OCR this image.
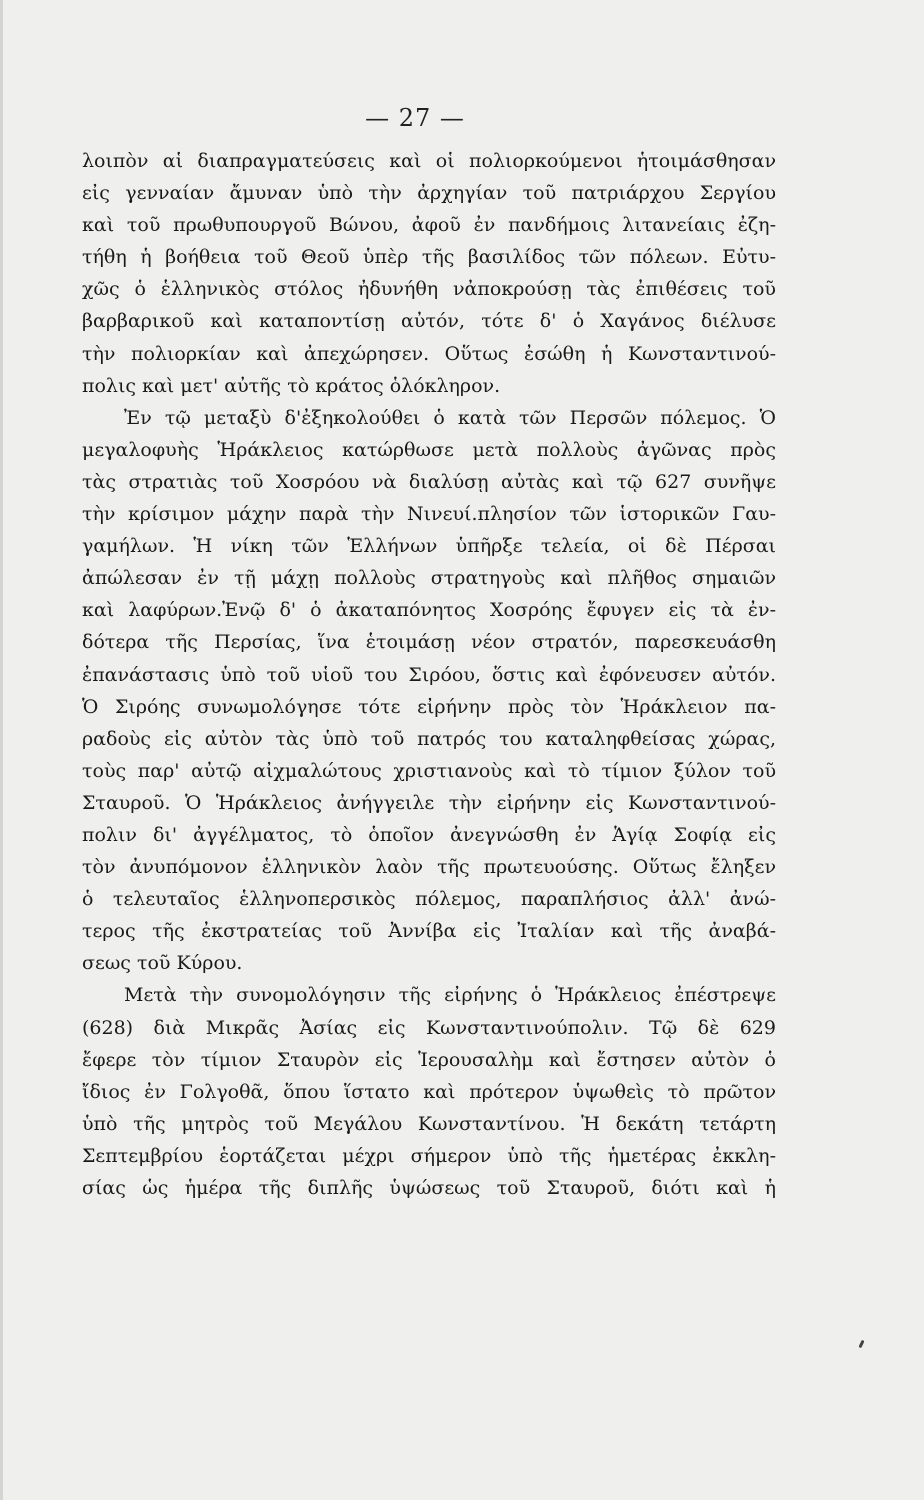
— 27 —
λοιπὸν αἱ διαπραγματεύσεις καὶ οἱ πολιορκούμενοι ἡτοιμάσθησαν
εἰς γενναίαν ἄμυναν ὑπὸ τὴν ἀρχηγίαν τοῦ πατριάρχου Σεργίου
καὶ τοῦ πρωθυπουργοῦ Βώνου, ἀφοῦ ἐν πανδήμοις λιτανείαις ἐζη-
τήθη ἡ βοήθεια τοῦ Θεοῦ ὑπὲρ τῆς βασιλίδος τῶν πόλεων. Εὐτυ-
χῶς ὁ ἑλληνικὸς στόλος ἠδυνήθη νἀποκρούσῃ τὰς ἐπιθέσεις τοῦ
βαρβαρικοῦ καὶ καταποντίσῃ αὐτόν, τότε δ' ὁ Χαγάνος διέλυσε
τὴν πολιορκίαν καὶ ἀπεχώρησεν. Οὕτως ἐσώθη ἡ Κωνσταντινού-
πολις καὶ μετ' αὐτῆς τὸ κράτος ὁλόκληρον.
Ἐν τῷ μεταξὺ δ'ἐξηκολούθει ὁ κατὰ τῶν Περσῶν πόλεμος. Ὁ
μεγαλοφυὴς Ἡράκλειος κατώρθωσε μετὰ πολλοὺς ἀγῶνας πρὸς
τὰς στρατιὰς τοῦ Χοσρόου νὰ διαλύσῃ αὐτὰς καὶ τῷ 627 συνῆψε
τὴν κρίσιμον μάχην παρὰ τὴν Νινευί.πλησίον τῶν ἱστορικῶν Γαυ-
γαμήλων. Ἡ νίκη τῶν Ἑλλήνων ὑπῆρξε τελεία, οἱ δὲ Πέρσαι
ἀπώλεσαν ἐν τῇ μάχῃ πολλοὺς στρατηγοὺς καὶ πλῆθος σημαιῶν
καὶ λαφύρων.Ἐνῷ δ' ὁ ἀκαταπόνητος Χοσρόης ἔφυγεν εἰς τὰ ἐν-
δότερα τῆς Περσίας, ἵνα ἑτοιμάσῃ νέον στρατόν, παρεσκευάσθη
ἐπανάστασις ὑπὸ τοῦ υἱοῦ του Σιρόου, ὅστις καὶ ἐφόνευσεν αὐτόν.
Ὁ Σιρόης συνωμολόγησε τότε εἰρήνην πρὸς τὸν Ἡράκλειον πα-
ραδοὺς εἰς αὐτὸν τὰς ὑπὸ τοῦ πατρός του καταληφθείσας χώρας,
τοὺς παρ' αὐτῷ αἰχμαλώτους χριστιανοὺς καὶ τὸ τίμιον ξύλον τοῦ
Σταυροῦ. Ὁ Ἡράκλειος ἀνήγγειλε τὴν εἰρήνην εἰς Κωνσταντινού-
πολιν δι' ἀγγέλματος, τὸ ὁποῖον ἀνεγνώσθη ἐν Ἁγίᾳ Σοφίᾳ εἰς
τὸν ἀνυπόμονον ἑλληνικὸν λαὸν τῆς πρωτευούσης. Οὕτως ἔληξεν
ὁ τελευταῖος ἑλληνοπερσικὸς πόλεμος, παραπλήσιος ἀλλ' ἀνώ-
τερος τῆς ἐκστρατείας τοῦ Ἀννίβα εἰς Ἰταλίαν καὶ τῆς ἀναβά-
σεως τοῦ Κύρου.
Μετὰ τὴν συνομολόγησιν τῆς εἰρήνης ὁ Ἡράκλειος ἐπέστρεψε
(628) διὰ Μικρᾶς Ἀσίας εἰς Κωνσταντινούπολιν. Τῷ δὲ 629
ἔφερε τὸν τίμιον Σταυρὸν εἰς Ἱερουσαλὴμ καὶ ἔστησεν αὐτὸν ὁ
ἴδιος ἐν Γολγοθᾶ, ὅπου ἵστατο καὶ πρότερον ὑψωθεὶς τὸ πρῶτον
ὑπὸ τῆς μητρὸς τοῦ Μεγάλου Κωνσταντίνου. Ἡ δεκάτη τετάρτη
Σεπτεμβρίου ἑορτάζεται μέχρι σήμερον ὑπὸ τῆς ἡμετέρας ἐκκλη-
σίας ὡς ἡμέρα τῆς διπλῆς ὑψώσεως τοῦ Σταυροῦ, διότι καὶ ἡ
